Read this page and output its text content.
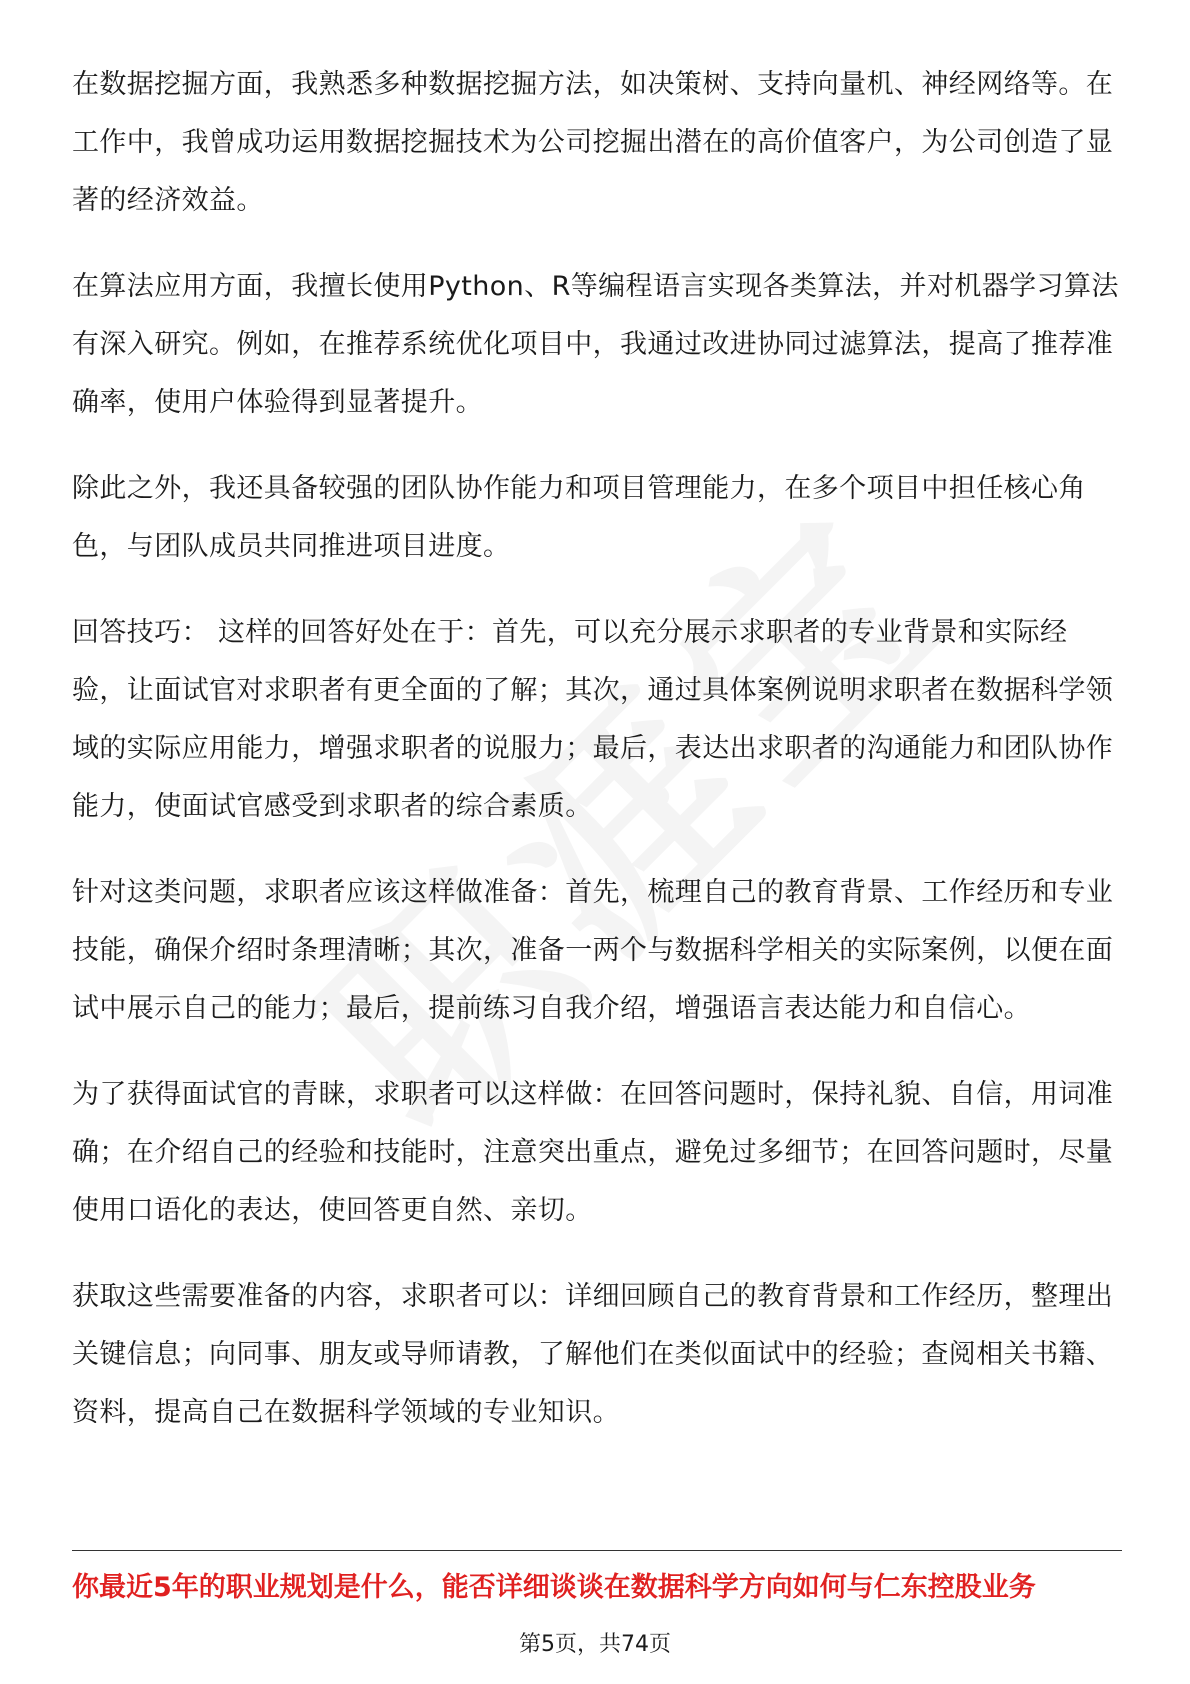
在数据挖掘方面，我熟悉多种数据挖掘方法，如决策树、支持向量机、神经网络等。在工作中，我曾成功运用数据挖掘技术为公司挖掘出潜在的高价值客户，为公司创造了显著的经济效益。

在算法应用方面，我擅长使用Python、R等编程语言实现各类算法，并对机器学习算法有深入研究。例如，在推荐系统优化项目中，我通过改进协同过滤算法，提高了推荐准确率，使用户体验得到显著提升。

除此之外，我还具备较强的团队协作能力和项目管理能力，在多个项目中担任核心角色，与团队成员共同推进项目进度。

回答技巧： 这样的回答好处在于：首先，可以充分展示求职者的专业背景和实际经验，让面试官对求职者有更全面的了解；其次，通过具体案例说明求职者在数据科学领域的实际应用能力，增强求职者的说服力；最后，表达出求职者的沟通能力和团队协作能力，使面试官感受到求职者的综合素质。

针对这类问题，求职者应该这样做准备：首先，梳理自己的教育背景、工作经历和专业技能，确保介绍时条理清晰；其次，准备一两个与数据科学相关的实际案例，以便在面试中展示自己的能力；最后，提前练习自我介绍，增强语言表达能力和自信心。

为了获得面试官的青睐，求职者可以这样做：在回答问题时，保持礼貌、自信，用词准确；在介绍自己的经验和技能时，注意突出重点，避免过多细节；在回答问题时，尽量使用口语化的表达，使回答更自然、亲切。

获取这些需要准备的内容，求职者可以：详细回顾自己的教育背景和工作经历，整理出关键信息；向同事、朋友或导师请教，了解他们在类似面试中的经验；查阅相关书籍、资料，提高自己在数据科学领域的专业知识。

你最近5年的职业规划是什么，能否详细谈谈在数据科学方向如何与仁东控股业务
第5页，共74页
